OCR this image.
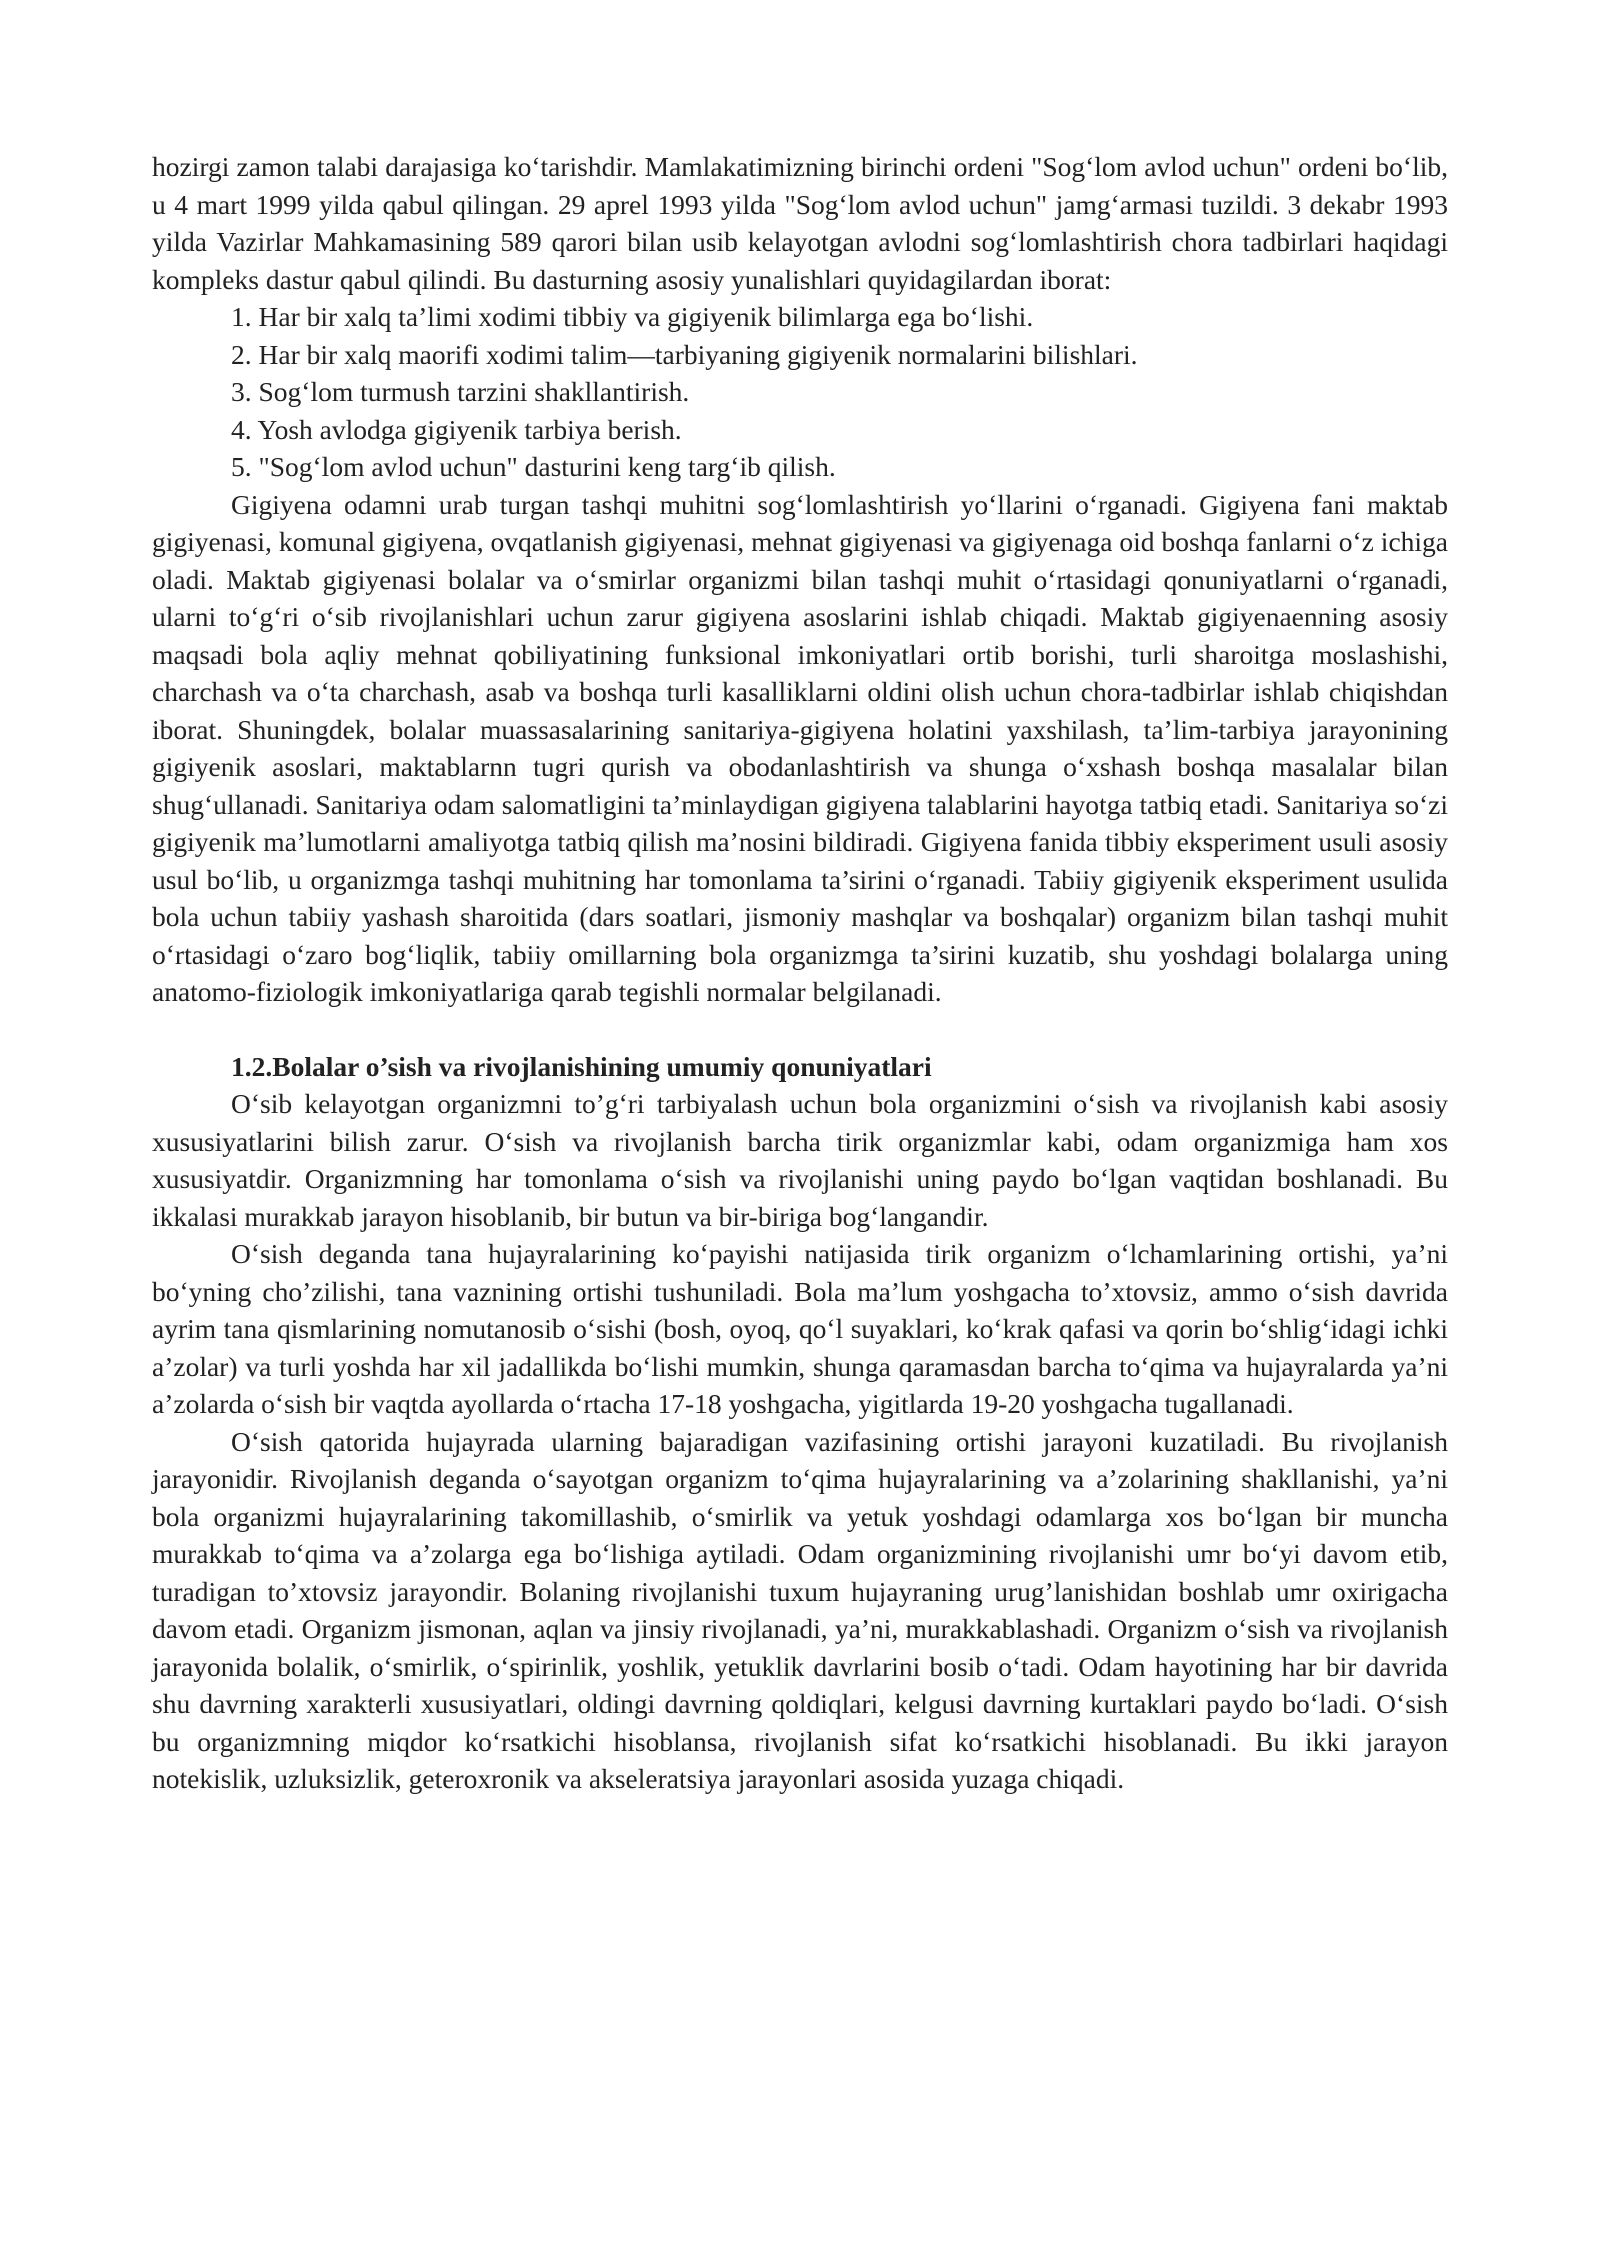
hozirgi zamon talabi darajasiga ko‘tarishdir. Mamlakatimizning birinchi ordeni "Sog‘lom avlod uchun" ordeni bo‘lib, u 4 mart 1999 yilda qabul qilingan. 29 aprel 1993 yilda "Sog‘lom avlod uchun" jamg‘armasi tuzildi. 3 dekabr 1993 yilda Vazirlar Mahkamasining 589 qarori bilan usib kelayotgan avlodni sog‘lomlashtirish chora tadbirlari haqidagi kompleks dastur qabul qilindi. Bu dasturning asosiy yunalishlari quyidagilardan iborat:

1. Har bir xalq ta’limi xodimi tibbiy va gigiyenik bilimlarga ega bo‘lishi.
2. Har bir xalq maorifi xodimi talim—tarbiyaning gigiyenik normalarini bilishlari.
3. Sog‘lom turmush tarzini shakllantirish.
4. Yosh avlodga gigiyenik tarbiya berish.
5. "Sog‘lom avlod uchun" dasturini keng targ‘ib qilish.

Gigiyena odamni urab turgan tashqi muhitni sog‘lomlashtirish yo‘llarini o‘rganadi. Gigiyena fani maktab gigiyenasi, komunal gigiyena, ovqatlanish gigiyenasi, mehnat gigiyenasi va gigiyenaga oid boshqa fanlarni o‘z ichiga oladi. Maktab gigiyenasi bolalar va o‘smirlar organizmi bilan tashqi muhit o‘rtasidagi qonuniyatlarni o‘rganadi, ularni to‘g‘ri o‘sib rivojlanishlari uchun zarur gigiyena asoslarini ishlab chiqadi. Maktab gigiyenaenning asosiy maqsadi bola aqliy mehnat qobiliyatining funksional imkoniyatlari ortib borishi, turli sharoitga moslashishi, charchash va o‘ta charchash, asab va boshqa turli kasalliklarni oldini olish uchun chora-tadbirlar ishlab chiqishdan iborat. Shuningdek, bolalar muassasalarining sanitariya-gigiyena holatini yaxshilash, ta’lim-tarbiya jarayonining gigiyenik asoslari, maktablarnn tugri qurish va obodanlashtirish va shunga o‘xshash boshqa masalalar bilan shug‘ullanadi. Sanitariya odam salomatligini ta’minlaydigan gigiyena talablarini hayotga tatbiq etadi. Sanitariya so‘zi gigiyenik ma’lumotlarni amaliyotga tatbiq qilish ma’nosini bildiradi. Gigiyena fanida tibbiy eksperiment usuli asosiy usul bo‘lib, u organizmga tashqi muhitning har tomonlama ta’sirini o‘rganadi. Tabiiy gigiyenik eksperiment usulida bola uchun tabiiy yashash sharoitida (dars soatlari, jismoniy mashqlar va boshqalar) organizm bilan tashqi muhit o‘rtasidagi o‘zaro bog‘liqlik, tabiiy omillarning bola organizmga ta’sirini kuzatib, shu yoshdagi bolalarga uning anatomo-fiziologik imkoniyatlariga qarab tegishli normalar belgilanadi.

1.2.Bolalar o’sish va rivojlanishining umumiy qonuniyatlari

O‘sib kelayotgan organizmni to’g‘ri tarbiyalash uchun bola organizmini o‘sish va rivojlanish kabi asosiy xususiyatlarini bilish zarur. O‘sish va rivojlanish barcha tirik organizmlar kabi, odam organizmiga ham xos xususiyatdir. Organizmning har tomonlama o‘sish va rivojlanishi uning paydo bo‘lgan vaqtidan boshlanadi. Bu ikkalasi murakkab jarayon hisoblanib, bir butun va bir-biriga bog‘langandir.

O‘sish deganda tana hujayralarining ko‘payishi natijasida tirik organizm o‘lchamlarining ortishi, ya’ni bo‘yning cho’zilishi, tana vaznining ortishi tushuniladi. Bola ma’lum yoshgacha to’xtovsiz, ammo o‘sish davrida ayrim tana qismlarining nomutanosib o‘sishi (bosh, oyoq, qo‘l suyaklari, ko‘krak qafasi va qorin bo‘shlig‘idagi ichki a’zolar) va turli yoshda har xil jadallikda bo‘lishi mumkin, shunga qaramasdan barcha to‘qima va hujayralarda ya’ni a’zolarda o‘sish bir vaqtda ayollarda o‘rtacha 17-18 yoshgacha, yigitlarda 19-20 yoshgacha tugallanadi.

O‘sish qatorida hujayrada ularning bajaradigan vazifasining ortishi jarayoni kuzatiladi. Bu rivojlanish jarayonidir. Rivojlanish deganda o‘sayotgan organizm to‘qima hujayralarining va a’zolarining shakllanishi, ya’ni bola organizmi hujayralarining takomillashib, o‘smirlik va yetuk yoshdagi odamlarga xos bo‘lgan bir muncha murakkab to‘qima va a’zolarga ega bo‘lishiga aytiladi. Odam organizmining rivojlanishi umr bo‘yi davom etib, turadigan to’xtovsiz jarayondir. Bolaning rivojlanishi tuxum hujayraning urug’lanishidan boshlab umr oxirigacha davom etadi. Organizm jismonan, aqlan va jinsiy rivojlanadi, ya’ni, murakkablashadi. Organizm o‘sish va rivojlanish jarayonida bolalik, o‘smirlik, o‘spirinlik, yoshlik, yetuklik davrlarini bosib o‘tadi. Odam hayotining har bir davrida shu davrning xarakterli xususiyatlari, oldingi davrning qoldiqlari, kelgusi davrning kurtaklari paydo bo‘ladi. O‘sish bu organizmning miqdor ko‘rsatkichi hisoblansa, rivojlanish sifat ko‘rsatkichi hisoblanadi. Bu ikki jarayon notekislik, uzluksizlik, geteroxronik va akseleratsiya jarayonlari asosida yuzaga chiqadi.
